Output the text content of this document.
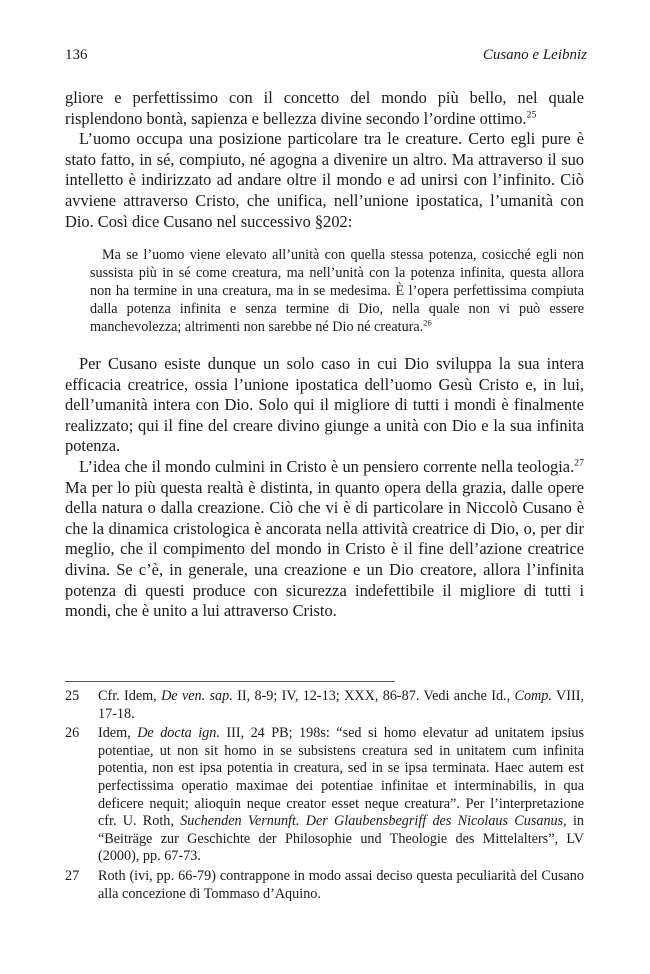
136	Cusano e Leibniz

gliore e perfettissimo con il concetto del mondo più bello, nel quale risplendono bontà, sapienza e bellezza divine secondo l’ordine ottimo.$^{25}$

L’uomo occupa una posizione particolare tra le creature. Certo egli pure è stato fatto, in sé, compiuto, né agogna a divenire un altro. Ma attraverso il suo intelletto è indirizzato ad andare oltre il mondo e ad unirsi con l’infinito. Ciò avviene attraverso Cristo, che unifica, nell’unione ipostatica, l’umanità con Dio. Così dice Cusano nel successivo §202:

Ma se l’uomo viene elevato all’unità con quella stessa potenza, cosicché egli non sussista più in sé come creatura, ma nell’unità con la potenza infinita, questa allora non ha termine in una creatura, ma in se medesima. È l’opera perfettissima compiuta dalla potenza infinita e senza termine di Dio, nella quale non vi può essere manchevolezza; altrimenti non sarebbe né Dio né creatura.$^{26}$

Per Cusano esiste dunque un solo caso in cui Dio sviluppa la sua intera efficacia creatrice, ossia l’unione ipostatica dell’uomo Gesù Cristo e, in lui, dell’umanità intera con Dio. Solo qui il migliore di tutti i mondi è finalmente realizzato; qui il fine del creare divino giunge a unità con Dio e la sua infinita potenza.

L’idea che il mondo culmini in Cristo è un pensiero corrente nella teologia.$^{27}$ Ma per lo più questa realtà è distinta, in quanto opera della grazia, dalle opere della natura o dalla creazione. Ciò che vi è di particolare in Niccolò Cusano è che la dinamica cristologica è ancorata nella attività creatrice di Dio, o, per dir meglio, che il compimento del mondo in Cristo è il fine dell’azione creatrice divina. Se c’è, in generale, una creazione e un Dio creatore, allora l’infinita potenza di questi produce con sicurezza indefettibile il migliore di tutti i mondi, che è unito a lui attraverso Cristo.

25	Cfr. Idem, De ven. sap. II, 8-9; IV, 12-13; XXX, 86-87. Vedi anche Id., Comp. VIII, 17-18.
26	Idem, De docta ign. III, 24 PB; 198s: “sed si homo elevatur ad unitatem ipsius potentiae, ut non sit homo in se subsistens creatura sed in unitatem cum infinita potentia, non est ipsa potentia in creatura, sed in se ipsa terminata. Haec autem est perfectissima operatio maximae dei potentiae infinitae et interminabilis, in qua deficere nequit; alioquin neque creator esset neque creatura”. Per l’interpretazione cfr. U. Roth, Suchenden Vernunft. Der Glaubensbegriff des Nicolaus Cusanus, in “Beiträge zur Geschichte der Philosophie und Theologie des Mittelalters”, LV (2000), pp. 67-73.
27	Roth (ivi, pp. 66-79) contrappone in modo assai deciso questa peculiarità del Cusano alla concezione di Tommaso d’Aquino.
